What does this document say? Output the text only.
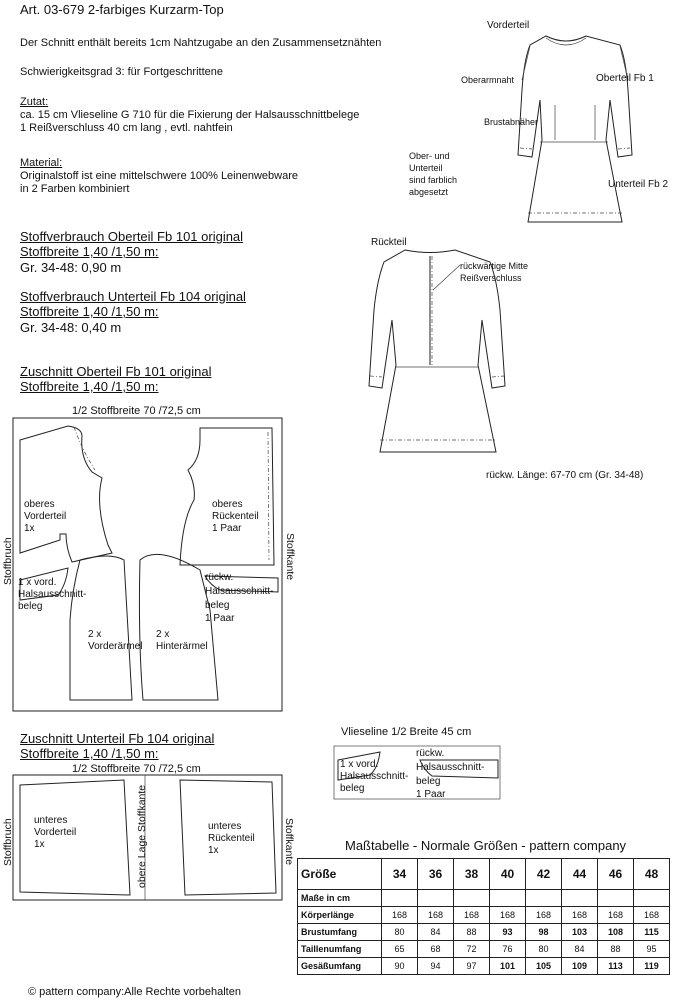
Art. 03-679 2-farbiges Kurzarm-Top
Der Schnitt enthält bereits 1cm Nahtzugabe an den Zusammensetznähten
Schwierigkeitsgrad 3: für Fortgeschrittene
Zutat:
ca. 15 cm Vlieseline G 710 für die Fixierung der Halsausschnittbelege
1 Reißverschluss 40 cm lang , evtl. nahtfein
Material:
Originalstoff ist eine mittelschwere 100% Leinenwebware
in 2 Farben kombiniert
Stoffverbrauch Oberteil Fb 101 original
Stoffbreite 1,40 /1,50 m:
Gr. 34-48: 0,90 m
Stoffverbrauch Unterteil Fb 104 original
Stoffbreite 1,40 /1,50 m:
Gr. 34-48: 0,40 m
Zuschnitt Oberteil Fb 101 original
Stoffbreite 1,40 /1,50 m:
1/2 Stoffbreite 70 /72,5 cm
Stoffbruch	Stoffkante
oberes
Vorderteil
1x
oberes
Rückenteil
1 Paar
1 x vord.
Halsausschnitt-
beleg
rückw.
Halsausschnitt-
beleg
1 Paar
2 x
Vorderärmel
2 x
Hinterärmel
Zuschnitt Unterteil Fb 104 original
Stoffbreite 1,40 /1,50 m:
1/2 Stoffbreite 70 /72,5 cm
Stoffbruch	obere Lage Stoffkante	Stoffkante
unteres
Vorderteil
1x
unteres
Rückenteil
1x
Vlieseline 1/2 Breite 45 cm
1 x vord.
Halsausschnitt-
beleg
rückw.
Halsausschnitt-
beleg
1 Paar
Vorderteil
Oberarmnaht	Oberteil Fb 1
Brustabnäher
Ober- und
Unterteil
sind farblich
abgesetzt
Unterteil Fb 2
Rückteil
rückwärtige Mitte
Reißverschluss
rückw. Länge: 67-70 cm (Gr. 34-48)
Maßtabelle - Normale Größen - pattern company
Größe	34	36	38	40	42	44	46	48
Maße in cm								
Körperlänge	168	168	168	168	168	168	168	168
Brustumfang	80	84	88	93	98	103	108	115
Taillenumfang	65	68	72	76	80	84	88	95
Gesäßumfang	90	94	97	101	105	109	113	119
© pattern company:Alle Rechte vorbehalten
